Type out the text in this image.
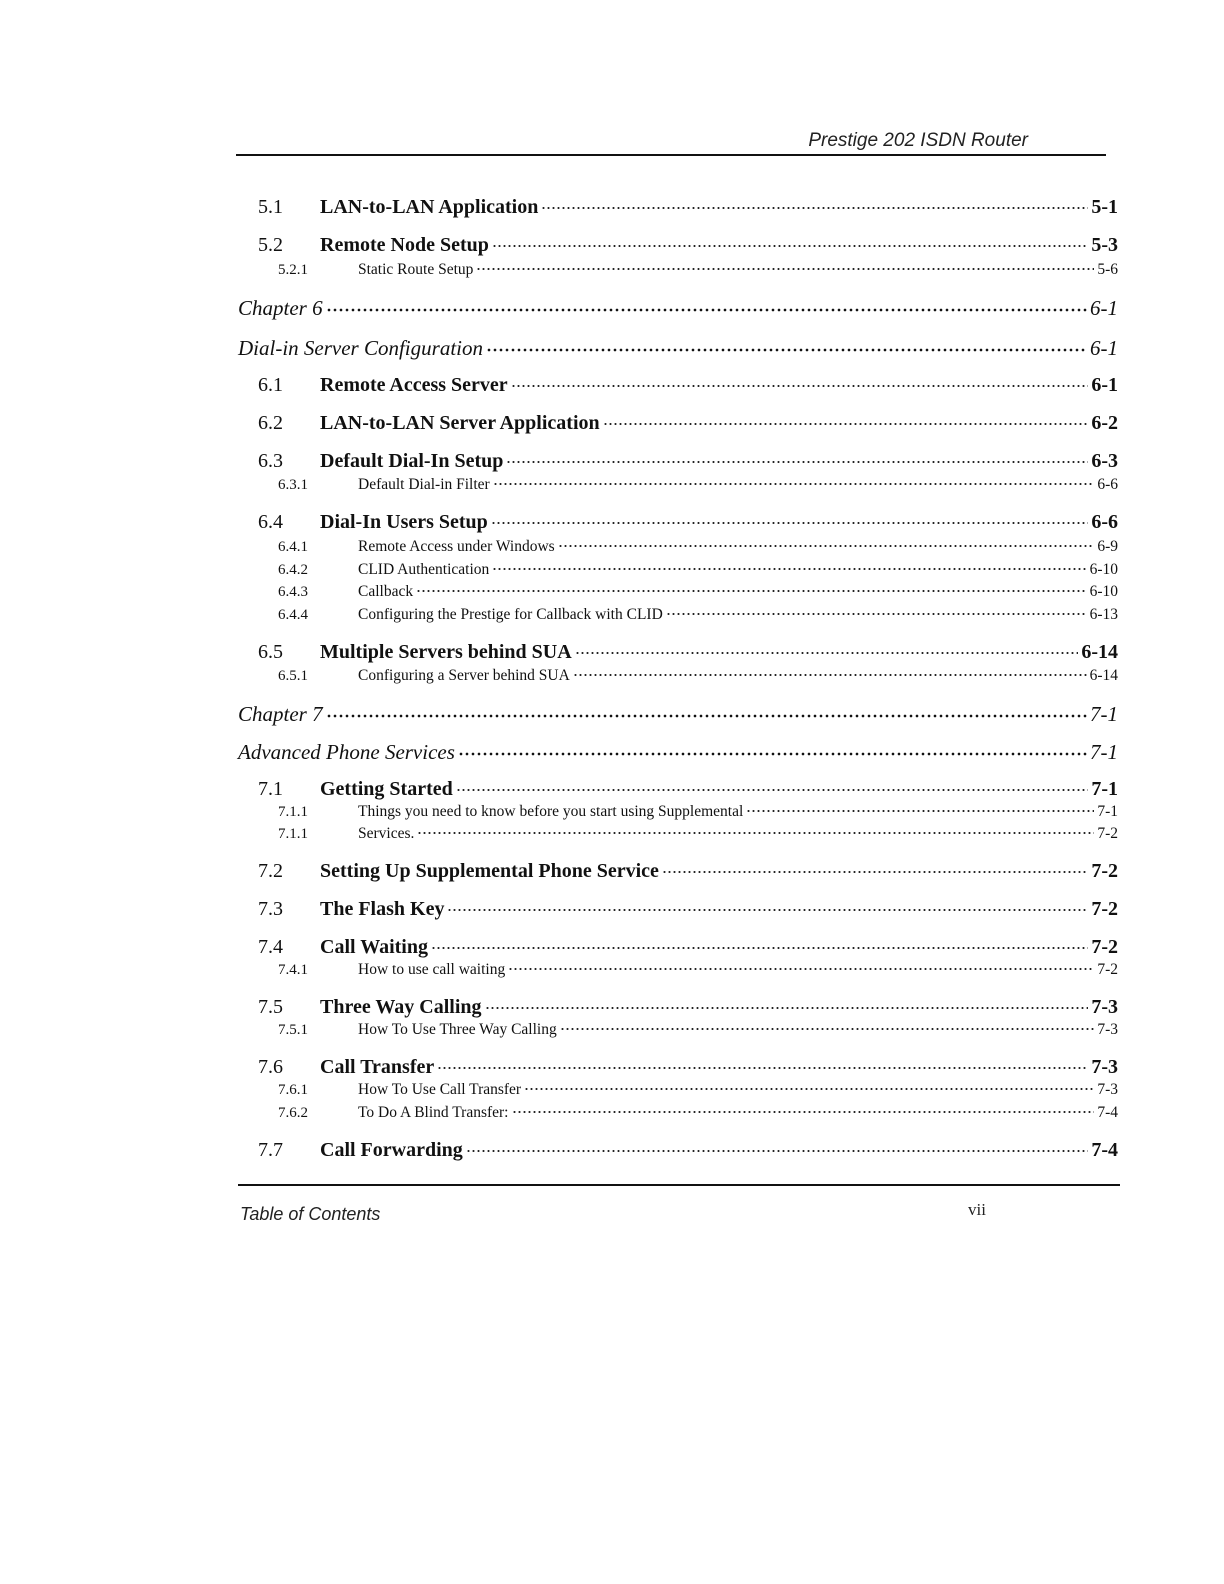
Prestige 202 ISDN Router
5.1	LAN-to-LAN Application	5-1
5.2	Remote Node Setup	5-3
5.2.1	Static Route Setup	5-6
Chapter 6	6-1
Dial-in Server Configuration	6-1
6.1	Remote Access Server	6-1
6.2	LAN-to-LAN Server Application	6-2
6.3	Default Dial-In Setup	6-3
6.3.1	Default Dial-in Filter	6-6
6.4	Dial-In Users Setup	6-6
6.4.1	Remote Access under Windows	6-9
6.4.2	CLID Authentication	6-10
6.4.3	Callback	6-10
6.4.4	Configuring the Prestige for Callback with CLID	6-13
6.5	Multiple Servers behind SUA	6-14
6.5.1	Configuring a Server behind SUA	6-14
Chapter 7	7-1
Advanced Phone Services	7-1
7.1	Getting Started	7-1
7.1.1	Things you need to know before you start using Supplemental	7-1
7.1.1	Services.	7-2
7.2	Setting Up Supplemental Phone Service	7-2
7.3	The Flash Key	7-2
7.4	Call Waiting	7-2
7.4.1	How to use call waiting	7-2
7.5	Three Way Calling	7-3
7.5.1	How To Use Three Way Calling	7-3
7.6	Call Transfer	7-3
7.6.1	How To Use Call Transfer	7-3
7.6.2	To Do A Blind Transfer:	7-4
7.7	Call Forwarding	7-4
Table of Contents	vii
